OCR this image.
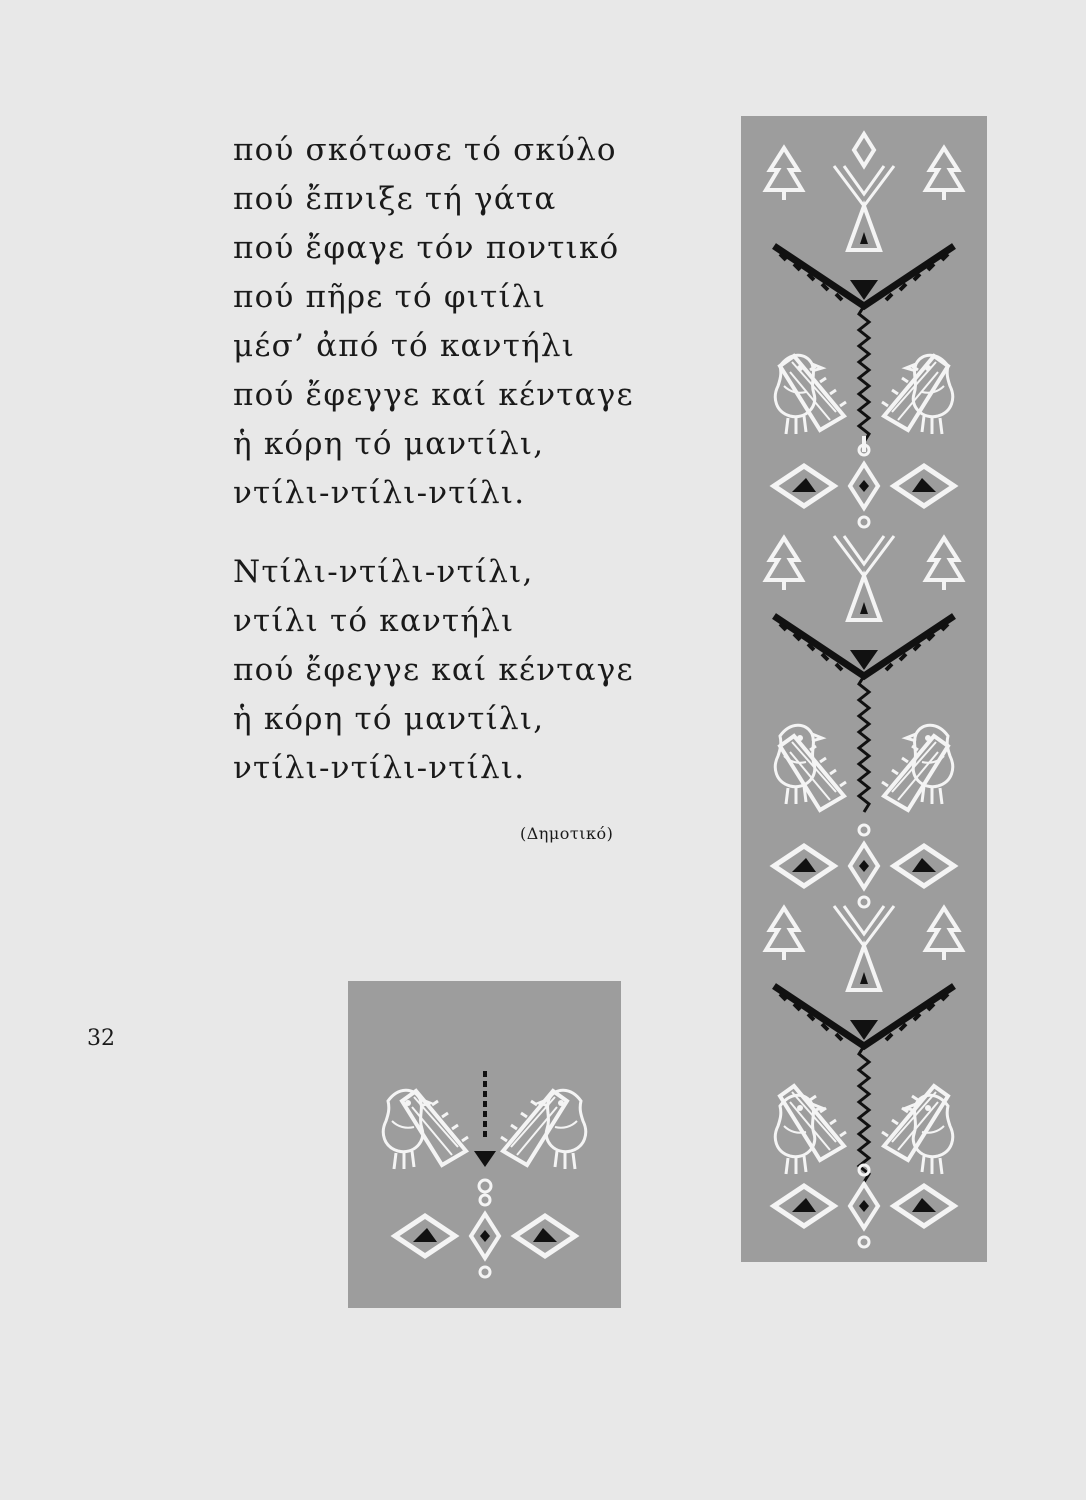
πού σκότωσε τό σκύλο
πού ἔπνιξε τή γάτα
πού ἔφαγε τόν ποντικό
πού πῆρε τό φιτίλι
μέσ’ ἀπό τό καντήλι
πού ἔφεγγε καί κένταγε
ἡ κόρη τό μαντίλι,
ντίλι-ντίλι-ντίλι.
Ντίλι-ντίλι-ντίλι,
ντίλι τό καντήλι
πού ἔφεγγε καί κένταγε
ἡ κόρη τό μαντίλι,
ντίλι-ντίλι-ντίλι.
(Δημοτικό)
32
